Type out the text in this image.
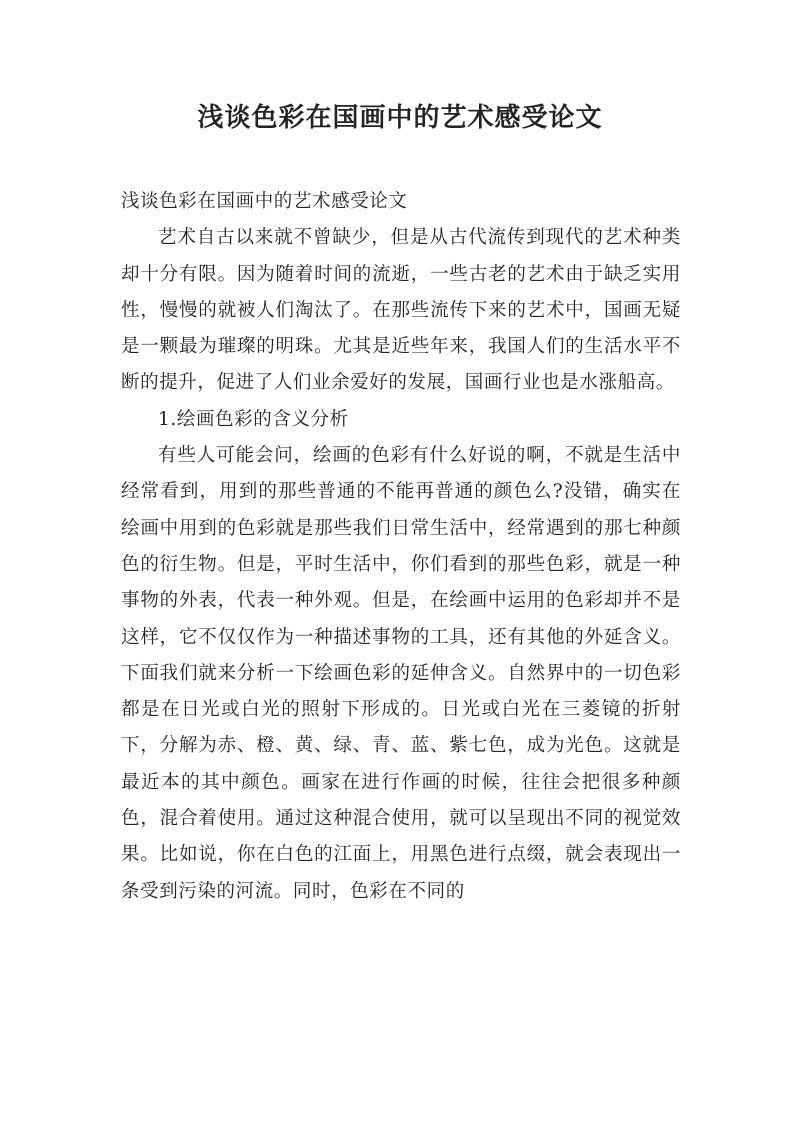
浅谈色彩在国画中的艺术感受论文

浅谈色彩在国画中的艺术感受论文

艺术自古以来就不曾缺少，但是从古代流传到现代的艺术种类却十分有限。因为随着时间的流逝，一些古老的艺术由于缺乏实用性，慢慢的就被人们淘汰了。在那些流传下来的艺术中，国画无疑是一颗最为璀璨的明珠。尤其是近些年来，我国人们的生活水平不断的提升，促进了人们业余爱好的发展，国画行业也是水涨船高。

1.绘画色彩的含义分析

有些人可能会问，绘画的色彩有什么好说的啊，不就是生活中经常看到，用到的那些普通的不能再普通的颜色么?没错，确实在绘画中用到的色彩就是那些我们日常生活中，经常遇到的那七种颜色的衍生物。但是，平时生活中，你们看到的那些色彩，就是一种事物的外表，代表一种外观。但是，在绘画中运用的色彩却并不是这样，它不仅仅作为一种描述事物的工具，还有其他的外延含义。下面我们就来分析一下绘画色彩的延伸含义。自然界中的一切色彩都是在日光或白光的照射下形成的。日光或白光在三菱镜的折射下，分解为赤、橙、黄、绿、青、蓝、紫七色，成为光色。这就是最近本的其中颜色。画家在进行作画的时候，往往会把很多种颜色，混合着使用。通过这种混合使用，就可以呈现出不同的视觉效果。比如说，你在白色的江面上，用黑色进行点缀，就会表现出一条受到污染的河流。同时，色彩在不同的
